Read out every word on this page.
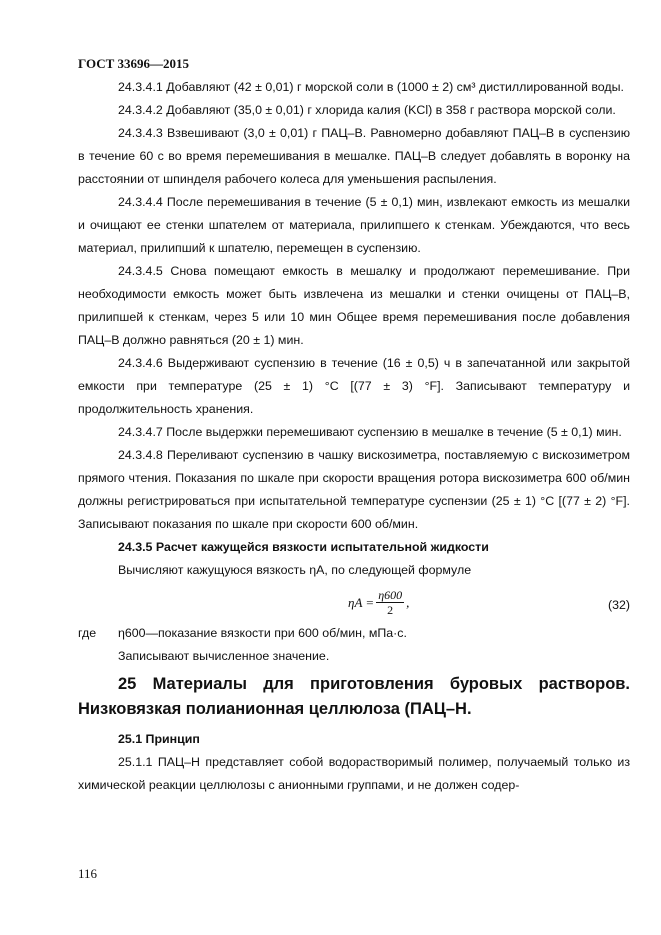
ГОСТ 33696—2015

24.3.4.1 Добавляют (42 ± 0,01) г морской соли в (1000 ± 2) см³ дистиллированной воды.

24.3.4.2 Добавляют (35,0 ± 0,01) г хлорида калия (KCl) в 358 г раствора морской соли.

24.3.4.3 Взвешивают (3,0 ± 0,01) г ПАЦ–В. Равномерно добавляют ПАЦ–В в суспензию в течение 60 с во время перемешивания в мешалке. ПАЦ–В следует добавлять в воронку на расстоянии от шпинделя рабочего колеса для уменьшения распыления.

24.3.4.4 После перемешивания в течение (5 ± 0,1) мин, извлекают емкость из мешалки и очищают ее стенки шпателем от материала, прилипшего к стенкам. Убеждаются, что весь материал, прилипший к шпателю, перемещен в суспензию.

24.3.4.5 Снова помещают емкость в мешалку и продолжают перемешивание. При необходимости емкость может быть извлечена из мешалки и стенки очищены от ПАЦ–В, прилипшей к стенкам, через 5 или 10 мин Общее время перемешивания после добавления ПАЦ–В должно равняться (20 ± 1) мин.

24.3.4.6 Выдерживают суспензию в течение (16 ± 0,5) ч в запечатанной или закрытой емкости при температуре (25 ± 1) °С [(77 ± 3) °F]. Записывают температуру и продолжительность хранения.

24.3.4.7 После выдержки перемешивают суспензию в мешалке в течение (5 ± 0,1) мин.

24.3.4.8 Переливают суспензию в чашку вискозиметра, поставляемую с вискозиметром прямого чтения. Показания по шкале при скорости вращения ротора вискозиметра 600 об/мин должны регистрироваться при испытательной температуре суспензии (25 ± 1) °С [(77 ± 2) °F]. Записывают показания по шкале при скорости 600 об/мин.

24.3.5 Расчет кажущейся вязкости испытательной жидкости

Вычисляют кажущуюся вязкость ηA, по следующей формуле

$\eta A = \frac{\eta 600}{2}$ ,	(32)
где	η600—показание вязкости при 600 об/мин, мПа·с.

Записывают вычисленное значение.

25 Материалы для приготовления буровых растворов. Низковязкая полианионная целлюлоза (ПАЦ–Н.

25.1 Принцип

25.1.1 ПАЦ–Н представляет собой водорастворимый полимер, получаемый только из химической реакции целлюлозы с анионными группами, и не должен содер-

116
